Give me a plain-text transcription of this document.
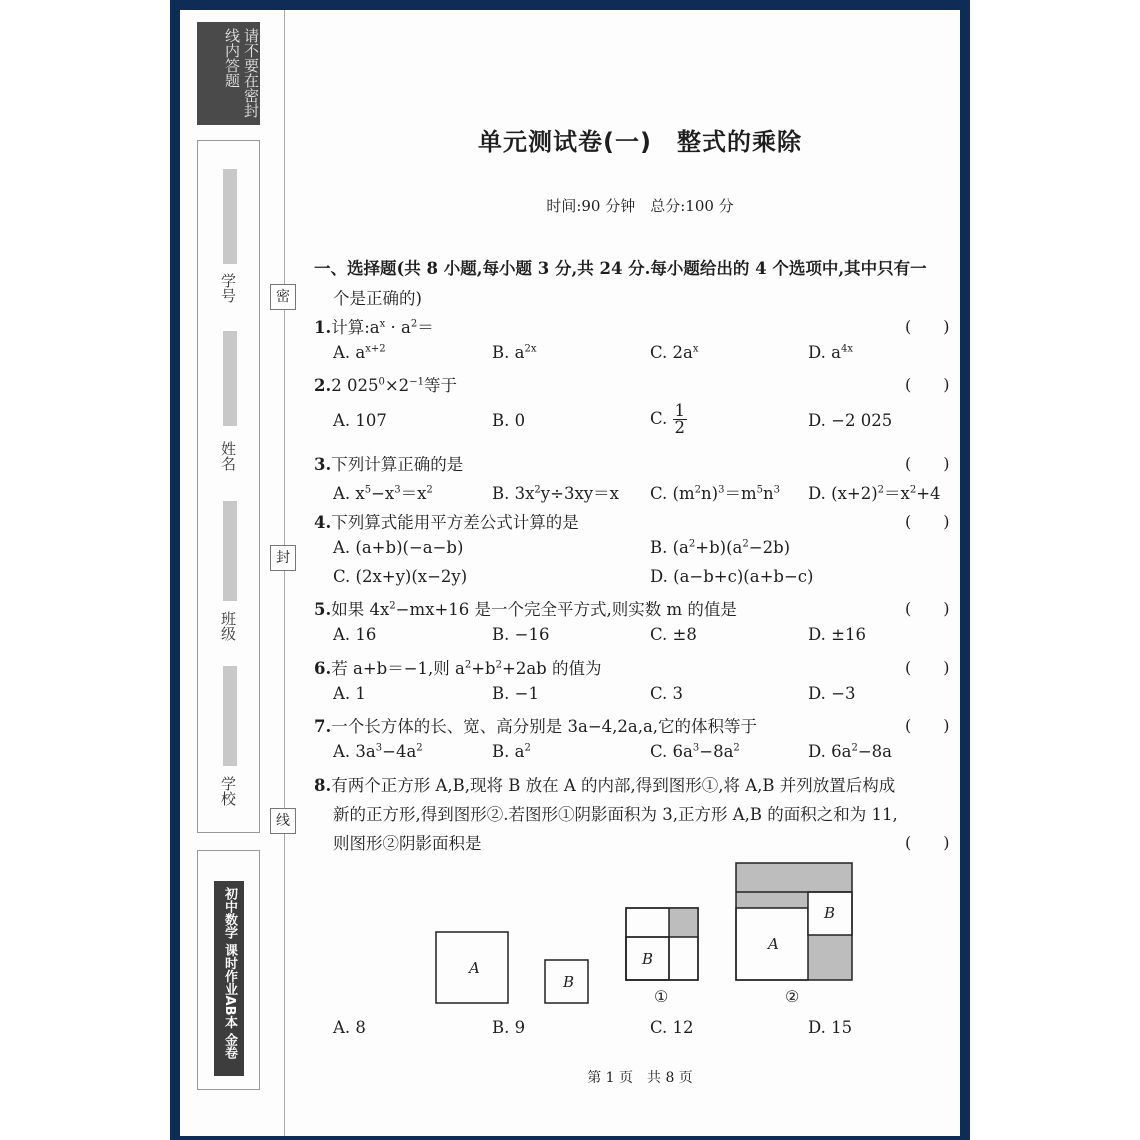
请不要在密封线内答题
学号
姓名
班级
学校
初中数学 课时作业AB本 金卷
密
封
线
单元测试卷(一)　整式的乘除
时间:90 分钟　总分:100 分
一、选择题(共 8 小题,每小题 3 分,共 24 分.每小题给出的 4 个选项中,其中只有一
个是正确的)
1.计算$:a^x \cdot a^2=$	(　　)
A. $a^{x+2}$	B. $a^{2x}$	C. $2a^x$	D. $a^{4x}$
2.2 $025^0\times 2^{-1}$等于	(　　)
A. 107	B. 0	C. $\frac{1}{2}$	D. −2 025
3.下列计算正确的是	(　　)
A. $x^5-x^3=x^2$	B. $3x^2y\div 3xy=x$ C. $(m^2n)^3=m^5n^3$ D. $(x+2)^2=x^2+4$
4.下列算式能用平方差公式计算的是	(　　)
A. (a+b)(−a−b)	B. $(a^2+b)(a^2-2b)$
C. (2x+y)(x−2y)	D. (a−b+c)(a+b−c)
5.如果 $4x^2-mx+16$ 是一个完全平方式,则实数 m 的值是	(　　)
A. 16	B. −16	C. ±8	D. ±16
6.若 a+b＝−1,则 $a^2+b^2+2ab$ 的值为	(　　)
A. 1	B. −1	C. 3	D. −3
7.一个长方体的长、宽、高分别是 3a−4,2a,a,它的体积等于	(　　)
A. $3a^3-4a^2$	B. $a^2$	C. $6a^3-8a^2$	D. $6a^2-8a$
8.有两个正方形 A,B,现将 B 放在 A 的内部,得到图形①,将 A,B 并列放置后构成
新的正方形,得到图形②.若图形①阴影面积为 3,正方形 A,B 的面积之和为 11,
则图形②阴影面积是	(　　)
A
B
B
①
A
B
②
A. 8	B. 9	C. 12	D. 15
第 1 页　共 8 页
